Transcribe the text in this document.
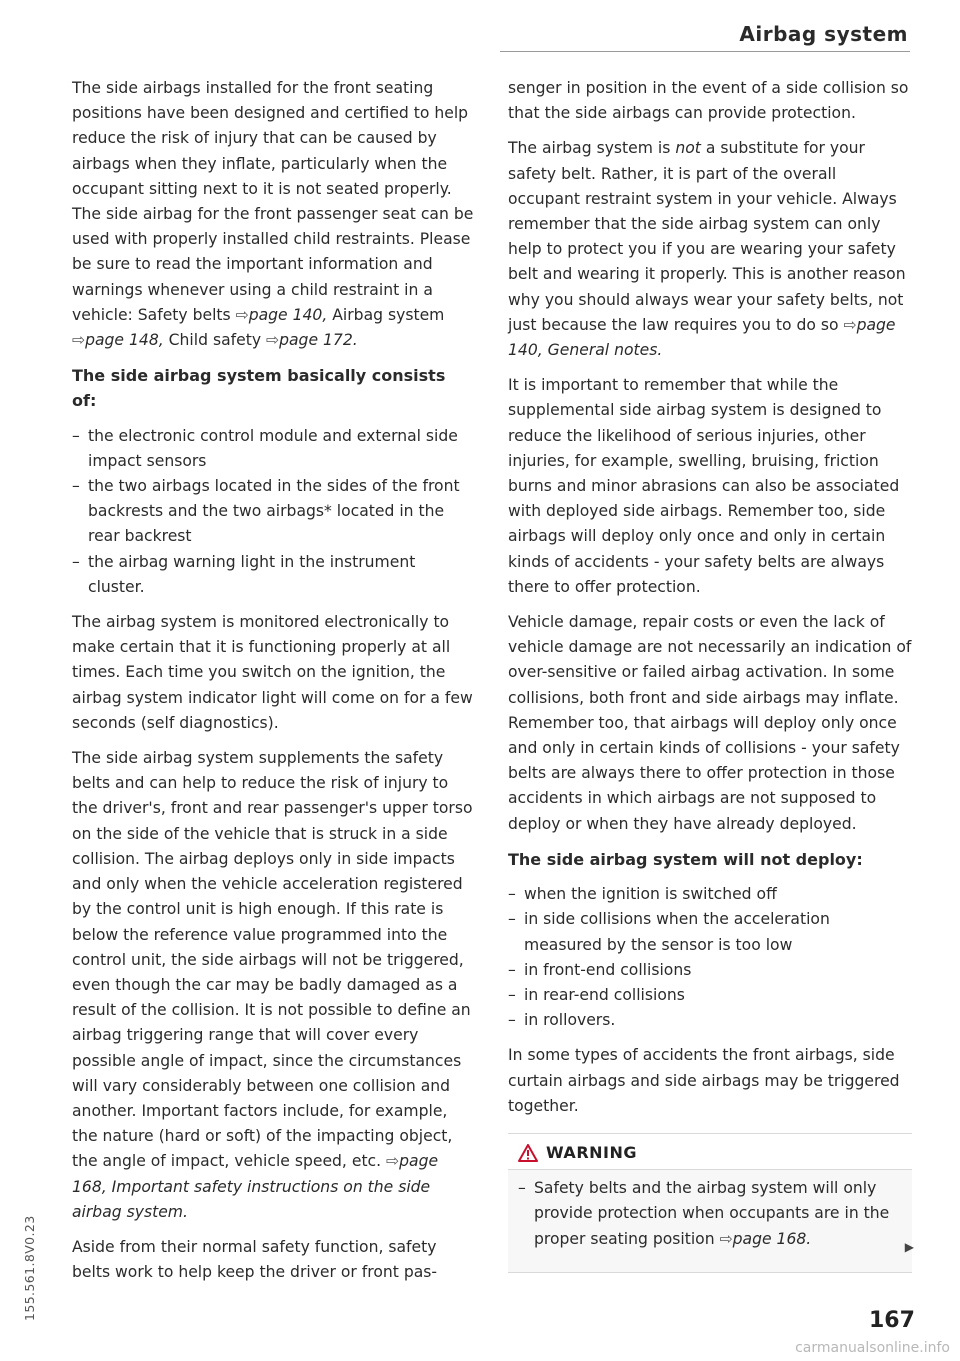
Airbag system

The side airbags installed for the front seating positions have been designed and certified to help reduce the risk of injury that can be caused by airbags when they inflate, particularly when the occupant sitting next to it is not seated properly. The side airbag for the front passenger seat can be used with properly installed child restraints. Please be sure to read the important information and warnings whenever using a child restraint in a vehicle: Safety belts ⇨page 140, Airbag system ⇨page 148, Child safety ⇨page 172.

The side airbag system basically consists of:

– the electronic control module and external side impact sensors
– the two airbags located in the sides of the front backrests and the two airbags* located in the rear backrest
– the airbag warning light in the instrument cluster.

The airbag system is monitored electronically to make certain that it is functioning properly at all times. Each time you switch on the ignition, the airbag system indicator light will come on for a few seconds (self diagnostics).

The side airbag system supplements the safety belts and can help to reduce the risk of injury to the driver's, front and rear passenger's upper torso on the side of the vehicle that is struck in a side collision. The airbag deploys only in side impacts and only when the vehicle acceleration registered by the control unit is high enough. If this rate is below the reference value programmed into the control unit, the side airbags will not be triggered, even though the car may be badly damaged as a result of the collision. It is not possible to define an airbag triggering range that will cover every possible angle of impact, since the circumstances will vary considerably between one collision and another. Important factors include, for example, the nature (hard or soft) of the impacting object, the angle of impact, vehicle speed, etc. ⇨page 168, Important safety instructions on the side airbag system.

Aside from their normal safety function, safety belts work to help keep the driver or front pas-

senger in position in the event of a side collision so that the side airbags can provide protection.

The airbag system is not a substitute for your safety belt. Rather, it is part of the overall occupant restraint system in your vehicle. Always remember that the side airbag system can only help to protect you if you are wearing your safety belt and wearing it properly. This is another reason why you should always wear your safety belts, not just because the law requires you to do so ⇨page 140, General notes.

It is important to remember that while the supplemental side airbag system is designed to reduce the likelihood of serious injuries, other injuries, for example, swelling, bruising, friction burns and minor abrasions can also be associated with deployed side airbags. Remember too, side airbags will deploy only once and only in certain kinds of accidents - your safety belts are always there to offer protection.

Vehicle damage, repair costs or even the lack of vehicle damage are not necessarily an indication of over-sensitive or failed airbag activation. In some collisions, both front and side airbags may inflate. Remember too, that airbags will deploy only once and only in certain kinds of collisions - your safety belts are always there to offer protection in those accidents in which airbags are not supposed to deploy or when they have already deployed.

The side airbag system will not deploy:

– when the ignition is switched off
– in side collisions when the acceleration measured by the sensor is too low
– in front-end collisions
– in rear-end collisions
– in rollovers.

In some types of accidents the front airbags, side curtain airbags and side airbags may be triggered together.

WARNING
– Safety belts and the airbag system will only provide protection when occupants are in the proper seating position ⇨page 168.	▶

167

155.561.8V0.23
carmanualsonline.info
